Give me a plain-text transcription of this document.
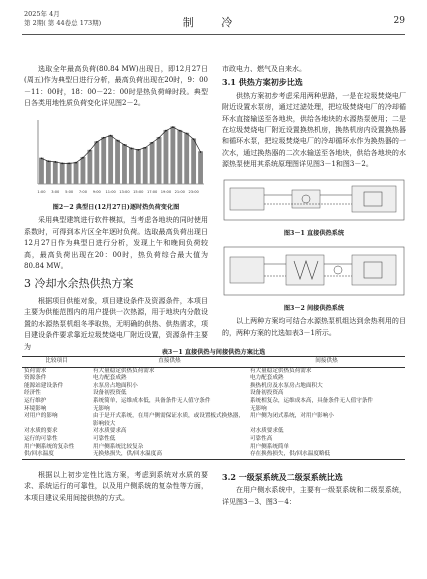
2025年 4月
第 2期( 第 44卷总 173期)	制 冷	29

选取全年最高负荷(80.84 MW)出现日，即12月27日(周五)作为典型日进行分析，最高负荷出现在20时，9：00－11：00时，18：00－22：00时是热负荷峰时段。典型日各类用地性质负荷变化详见图2－2。

1:00 3:00 5:00 7:00 9:00 11:00 13:00 15:00 17:00 19:00 21:00 23:00
图2－2 典型日(12月27日)逐时热负荷变化图

采用典型建筑进行软件模拟，当考虑各地块的同时使用系数时，可得到本片区全年逐时负荷。选取最高负荷出现日12月27日作为典型日进行分析，发现上午和晚间负荷较高，最高负荷出现在20：00时，热负荷综合最大值为80.84 MW。

3 冷却水余热供热方案

根据项目供能对象，项目建设条件及资源条件，本项目主要为供能范围内的用户提供一次热源，用于地块内分散设置的水源热泵机组冬季取热，无明确的供热、供热需求，项目建设条件要求靠近垃圾焚烧电厂附近设置，资源条件主要为

市政电力、燃气及自来水。

3.1 供热方案初步比选

供热方案初步考虑采用两种思路，一是在垃圾焚烧电厂附近设置水泵房，通过过滤处理，把垃圾焚烧电厂的冷却循环水直接输送至各地块，供给各地块的水源热泵使用；二是在垃圾焚烧电厂附近设置换热机房，换热机房内设置换热器和循环水泵，把垃圾焚烧电厂的冷却循环水作为换热器的一次水，通过换热器的二次水输送至各地块，供给各地块的水源热泵使用其系统原理图详见图3－1和图3－2。

图3－1 直接供热系统
图3－2 间接供热系统

以上两种方案均可结合水源热泵机组达到余热利用的目的，两种方案的比选如表3－1所示。

表3－1 直接供热与间接供热方案比选
比较项目	直接供热	间接供热
负荷需求	有大量稳定供热负荷需求	有大量稳定供热负荷需求
资源条件	电力配套成熟	电力配套成熟
能源站建设条件	水泵房占地面积小	换热机房及水泵房占地面积大
经济性	设备初投资低	设备初投资高
运行维护	系统简单，运维成本低，具备条件无人值守条件	系统相复杂，运维成本高，具备条件无人值守条件
环境影响	无影响	无影响
对用户的影响	由于是开式系统，在用户侧需保证水质，或设置板式换热器，影响较大	用户侧为闭式系统，对用户影响小
对水质的要求	对水质要求高	对水质要求低
运行的可靠性	可靠性低	可靠性高
用户侧系统的复杂性	用户侧系统比较复杂	用户侧系统简单
供/回水温度	无换热损失，供/回水温度高	存在换热损失，供/回水温度略低

根据以上初步定性比选方案，考虑到系统对水质的要求、系统运行的可靠性，以及用户侧系统的复杂性等方面，本项目建议采用间接供热的方式。

3.2 一级泵系统及二级泵系统比选

在用户侧水系统中，主要有一级泵系统和二级泵系统，详见图3－3、图3－4：
